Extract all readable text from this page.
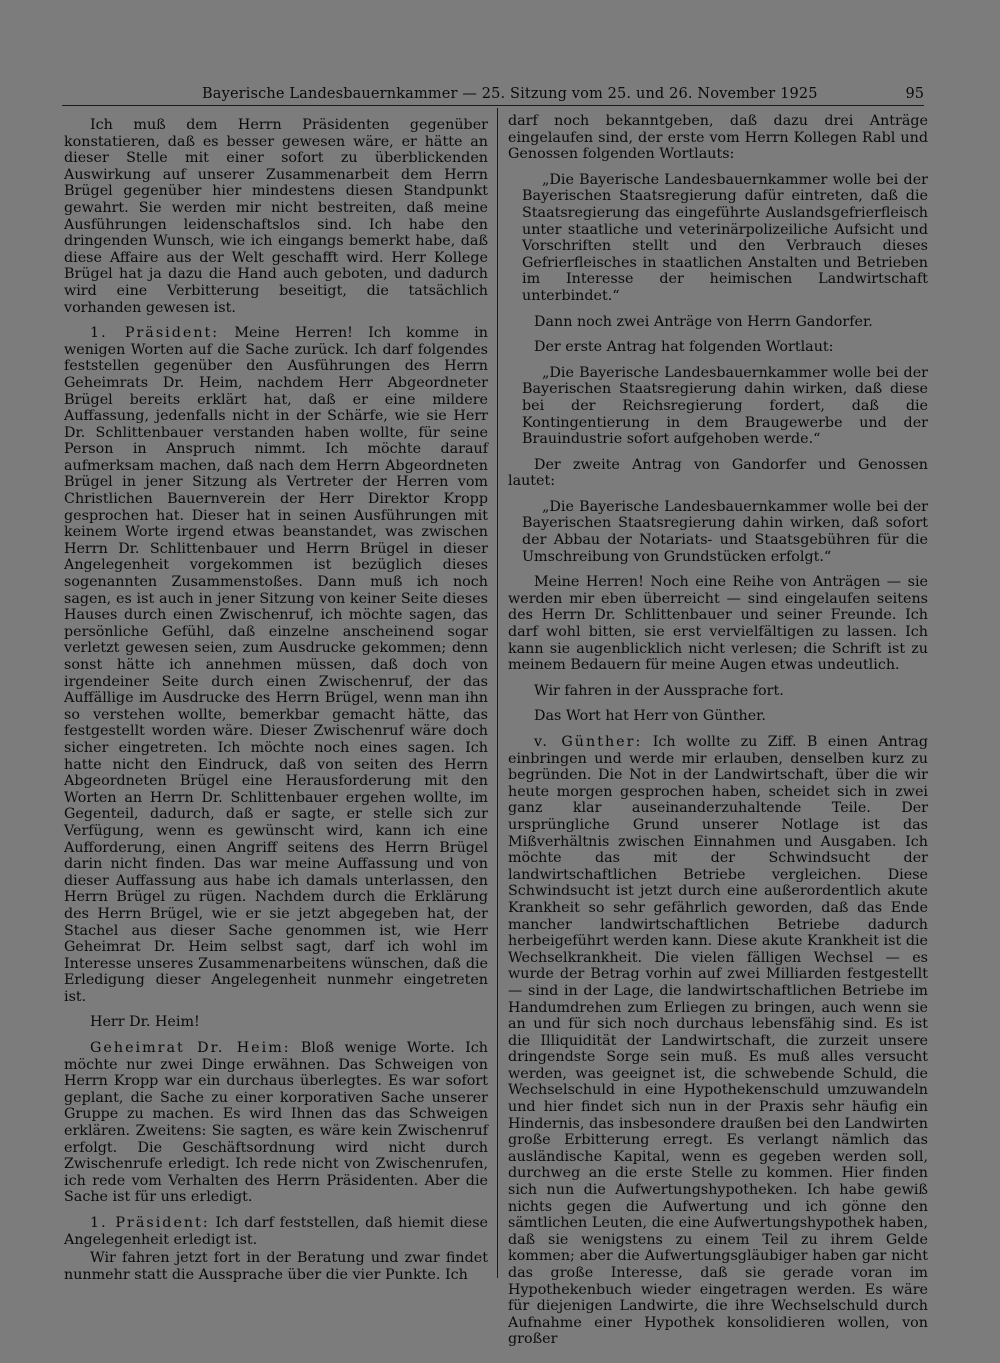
Bayerische Landesbauernkammer — 25. Sitzung vom 25. und 26. November 1925	95

Ich muß dem Herrn Präsidenten gegenüber konstatieren, daß es besser gewesen wäre, er hätte an dieser Stelle mit einer sofort zu überblickenden Auswirkung auf unserer Zusammenarbeit dem Herrn Brügel gegenüber hier mindestens diesen Standpunkt gewahrt. Sie werden mir nicht bestreiten, daß meine Ausführungen leidenschaftslos sind. Ich habe den dringenden Wunsch, wie ich eingangs bemerkt habe, daß diese Affaire aus der Welt geschafft wird. Herr Kollege Brügel hat ja dazu die Hand auch geboten, und dadurch wird eine Verbitterung beseitigt, die tatsächlich vorhanden gewesen ist.

1. Präsident: Meine Herren! Ich komme in wenigen Worten auf die Sache zurück. Ich darf folgendes feststellen gegenüber den Ausführungen des Herrn Geheimrats Dr. Heim, nachdem Herr Abgeordneter Brügel bereits erklärt hat, daß er eine mildere Auffassung, jedenfalls nicht in der Schärfe, wie sie Herr Dr. Schlittenbauer verstanden haben wollte, für seine Person in Anspruch nimmt. Ich möchte darauf aufmerksam machen, daß nach dem Herrn Abgeordneten Brügel in jener Sitzung als Vertreter der Herren vom Christlichen Bauernverein der Herr Direktor Kropp gesprochen hat. Dieser hat in seinen Ausführungen mit keinem Worte irgend etwas beanstandet, was zwischen Herrn Dr. Schlittenbauer und Herrn Brügel in dieser Angelegenheit vorgekommen ist bezüglich dieses sogenannten Zusammenstoßes. Dann muß ich noch sagen, es ist auch in jener Sitzung von keiner Seite dieses Hauses durch einen Zwischenruf, ich möchte sagen, das persönliche Gefühl, daß einzelne anscheinend sogar verletzt gewesen seien, zum Ausdrucke gekommen; denn sonst hätte ich annehmen müssen, daß doch von irgendeiner Seite durch einen Zwischenruf, der das Auffällige im Ausdrucke des Herrn Brügel, wenn man ihn so verstehen wollte, bemerkbar gemacht hätte, das festgestellt worden wäre. Dieser Zwischenruf wäre doch sicher eingetreten. Ich möchte noch eines sagen. Ich hatte nicht den Eindruck, daß von seiten des Herrn Abgeordneten Brügel eine Herausforderung mit den Worten an Herrn Dr. Schlittenbauer ergehen wollte, im Gegenteil, dadurch, daß er sagte, er stelle sich zur Verfügung, wenn es gewünscht wird, kann ich eine Aufforderung, einen Angriff seitens des Herrn Brügel darin nicht finden. Das war meine Auffassung und von dieser Auffassung aus habe ich damals unterlassen, den Herrn Brügel zu rügen. Nachdem durch die Erklärung des Herrn Brügel, wie er sie jetzt abgegeben hat, der Stachel aus dieser Sache genommen ist, wie Herr Geheimrat Dr. Heim selbst sagt, darf ich wohl im Interesse unseres Zusammenarbeitens wünschen, daß die Erledigung dieser Angelegenheit nunmehr eingetreten ist.

Herr Dr. Heim!

Geheimrat Dr. Heim: Bloß wenige Worte. Ich möchte nur zwei Dinge erwähnen. Das Schweigen von Herrn Kropp war ein durchaus überlegtes. Es war sofort geplant, die Sache zu einer korporativen Sache unserer Gruppe zu machen. Es wird Ihnen das das Schweigen erklären. Zweitens: Sie sagten, es wäre kein Zwischenruf erfolgt. Die Geschäftsordnung wird nicht durch Zwischenrufe erledigt. Ich rede nicht von Zwischenrufen, ich rede vom Verhalten des Herrn Präsidenten. Aber die Sache ist für uns erledigt.

1. Präsident: Ich darf feststellen, daß hiemit diese Angelegenheit erledigt ist.

Wir fahren jetzt fort in der Beratung und zwar findet nunmehr statt die Aussprache über die vier Punkte. Ich

darf noch bekanntgeben, daß dazu drei Anträge eingelaufen sind, der erste vom Herrn Kollegen Rabl und Genossen folgenden Wortlauts:

„Die Bayerische Landesbauernkammer wolle bei der Bayerischen Staatsregierung dafür eintreten, daß die Staatsregierung das eingeführte Auslandsgefrierfleisch unter staatliche und veterinärpolizeiliche Aufsicht und Vorschriften stellt und den Verbrauch dieses Gefrierfleisches in staatlichen Anstalten und Betrieben im Interesse der heimischen Landwirtschaft unterbindet.“

Dann noch zwei Anträge von Herrn Gandorfer.

Der erste Antrag hat folgenden Wortlaut:

„Die Bayerische Landesbauernkammer wolle bei der Bayerischen Staatsregierung dahin wirken, daß diese bei der Reichsregierung fordert, daß die Kontingentierung in dem Braugewerbe und der Brauindustrie sofort aufgehoben werde.“

Der zweite Antrag von Gandorfer und Genossen lautet:

„Die Bayerische Landesbauernkammer wolle bei der Bayerischen Staatsregierung dahin wirken, daß sofort der Abbau der Notariats- und Staatsgebühren für die Umschreibung von Grundstücken erfolgt.“

Meine Herren! Noch eine Reihe von Anträgen — sie werden mir eben überreicht — sind eingelaufen seitens des Herrn Dr. Schlittenbauer und seiner Freunde. Ich darf wohl bitten, sie erst vervielfältigen zu lassen. Ich kann sie augenblicklich nicht verlesen; die Schrift ist zu meinem Bedauern für meine Augen etwas undeutlich.

Wir fahren in der Aussprache fort.

Das Wort hat Herr von Günther.

v. Günther: Ich wollte zu Ziff. B einen Antrag einbringen und werde mir erlauben, denselben kurz zu begründen. Die Not in der Landwirtschaft, über die wir heute morgen gesprochen haben, scheidet sich in zwei ganz klar auseinanderzuhaltende Teile. Der ursprüngliche Grund unserer Notlage ist das Mißverhältnis zwischen Einnahmen und Ausgaben. Ich möchte das mit der Schwindsucht der landwirtschaftlichen Betriebe vergleichen. Diese Schwindsucht ist jetzt durch eine außerordentlich akute Krankheit so sehr gefährlich geworden, daß das Ende mancher landwirtschaftlichen Betriebe dadurch herbeigeführt werden kann. Diese akute Krankheit ist die Wechselkrankheit. Die vielen fälligen Wechsel — es wurde der Betrag vorhin auf zwei Milliarden festgestellt — sind in der Lage, die landwirtschaftlichen Betriebe im Handumdrehen zum Erliegen zu bringen, auch wenn sie an und für sich noch durchaus lebensfähig sind. Es ist die Illiquidität der Landwirtschaft, die zurzeit unsere dringendste Sorge sein muß. Es muß alles versucht werden, was geeignet ist, die schwebende Schuld, die Wechselschuld in eine Hypothekenschuld umzuwandeln und hier findet sich nun in der Praxis sehr häufig ein Hindernis, das insbesondere draußen bei den Landwirten große Erbitterung erregt. Es verlangt nämlich das ausländische Kapital, wenn es gegeben werden soll, durchweg an die erste Stelle zu kommen. Hier finden sich nun die Aufwertungshypotheken. Ich habe gewiß nichts gegen die Aufwertung und ich gönne den sämtlichen Leuten, die eine Aufwertungshypothek haben, daß sie wenigstens zu einem Teil zu ihrem Gelde kommen; aber die Aufwertungsgläubiger haben gar nicht das große Interesse, daß sie gerade voran im Hypothekenbuch wieder eingetragen werden. Es wäre für diejenigen Landwirte, die ihre Wechselschuld durch Aufnahme einer Hypothek konsolidieren wollen, von großer
